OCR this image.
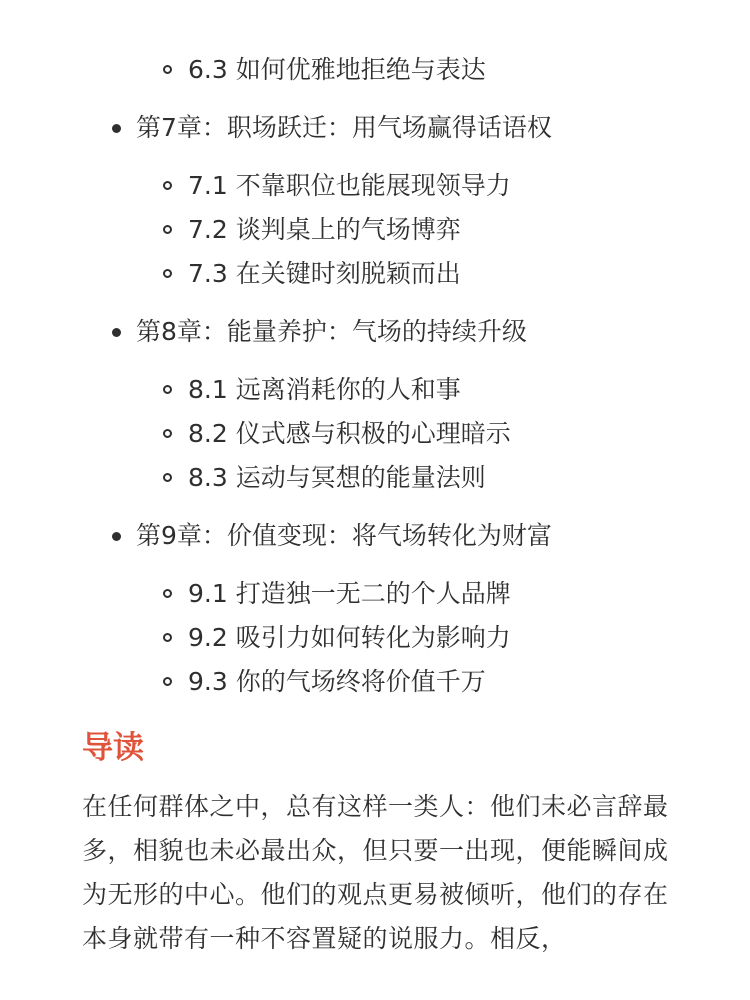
6.3 如何优雅地拒绝与表达
第7章：职场跃迁：用气场赢得话语权
7.1 不靠职位也能展现领导力
7.2 谈判桌上的气场博弈
7.3 在关键时刻脱颖而出
第8章：能量养护：气场的持续升级
8.1 远离消耗你的人和事
8.2 仪式感与积极的心理暗示
8.3 运动与冥想的能量法则
第9章：价值变现：将气场转化为财富
9.1 打造独一无二的个人品牌
9.2 吸引力如何转化为影响力
9.3 你的气场终将价值千万
导读

在任何群体之中，总有这样一类人：他们未必言辞最多，相貌也未必最出众，但只要一出现，便能瞬间成为无形的中心。他们的观点更易被倾听，他们的存在本身就带有一种不容置疑的说服力。相反，
